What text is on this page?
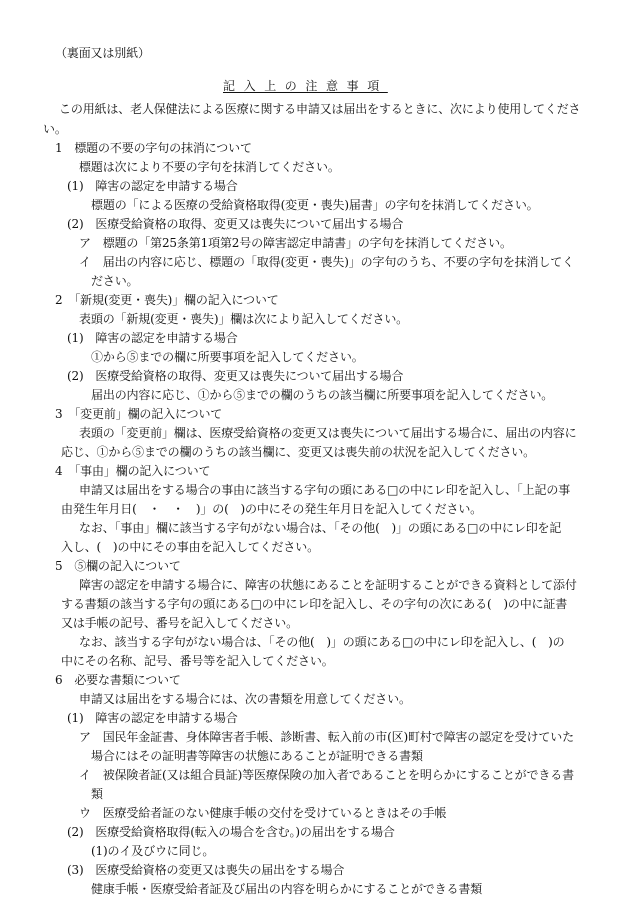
（裏面又は別紙）
記入上の注意事項
この用紙は、老人保健法による医療に関する申請又は届出をするときに、次により使用してくださ
い。
1　標題の不要の字句の抹消について
標題は次により不要の字句を抹消してください。
(1)　障害の認定を申請する場合
標題の「による医療の受給資格取得(変更・喪失)届書」の字句を抹消してください。
(2)　医療受給資格の取得、変更又は喪失について届出する場合
ア　標題の「第25条第1項第2号の障害認定申請書」の字句を抹消してください。
イ　届出の内容に応じ、標題の「取得(変更・喪失)」の字句のうち、不要の字句を抹消してく
ださい。
2　「新規(変更・喪失)」欄の記入について
表頭の「新規(変更・喪失)」欄は次により記入してください。
(1)　障害の認定を申請する場合
①から⑤までの欄に所要事項を記入してください。
(2)　医療受給資格の取得、変更又は喪失について届出する場合
届出の内容に応じ、①から⑤までの欄のうちの該当欄に所要事項を記入してください。
3　「変更前」欄の記入について
表頭の「変更前」欄は、医療受給資格の変更又は喪失について届出する場合に、届出の内容に
応じ、①から⑤までの欄のうちの該当欄に、変更又は喪失前の状況を記入してください。
4　「事由」欄の記入について
申請又は届出をする場合の事由に該当する字句の頭にある□の中にレ印を記入し、「上記の事
由発生年月日(　・　・　)」の(　)の中にその発生年月日を記入してください。
なお、「事由」欄に該当する字句がない場合は、「その他(　)」の頭にある□の中にレ印を記
入し、(　)の中にその事由を記入してください。
5　⑤欄の記入について
障害の認定を申請する場合に、障害の状態にあることを証明することができる資料として添付
する書類の該当する字句の頭にある□の中にレ印を記入し、その字句の次にある(　)の中に証書
又は手帳の記号、番号を記入してください。
なお、該当する字句がない場合は、「その他(　)」の頭にある□の中にレ印を記入し、(　)の
中にその名称、記号、番号等を記入してください。
6　必要な書類について
申請又は届出をする場合には、次の書類を用意してください。
(1)　障害の認定を申請する場合
ア　国民年金証書、身体障害者手帳、診断書、転入前の市(区)町村で障害の認定を受けていた
場合にはその証明書等障害の状態にあることが証明できる書類
イ　被保険者証(又は組合員証)等医療保険の加入者であることを明らかにすることができる書
類
ウ　医療受給者証のない健康手帳の交付を受けているときはその手帳
(2)　医療受給資格取得(転入の場合を含む。)の届出をする場合
(1)のイ及びウに同じ。
(3)　医療受給資格の変更又は喪失の届出をする場合
健康手帳・医療受給者証及び届出の内容を明らかにすることができる書類
